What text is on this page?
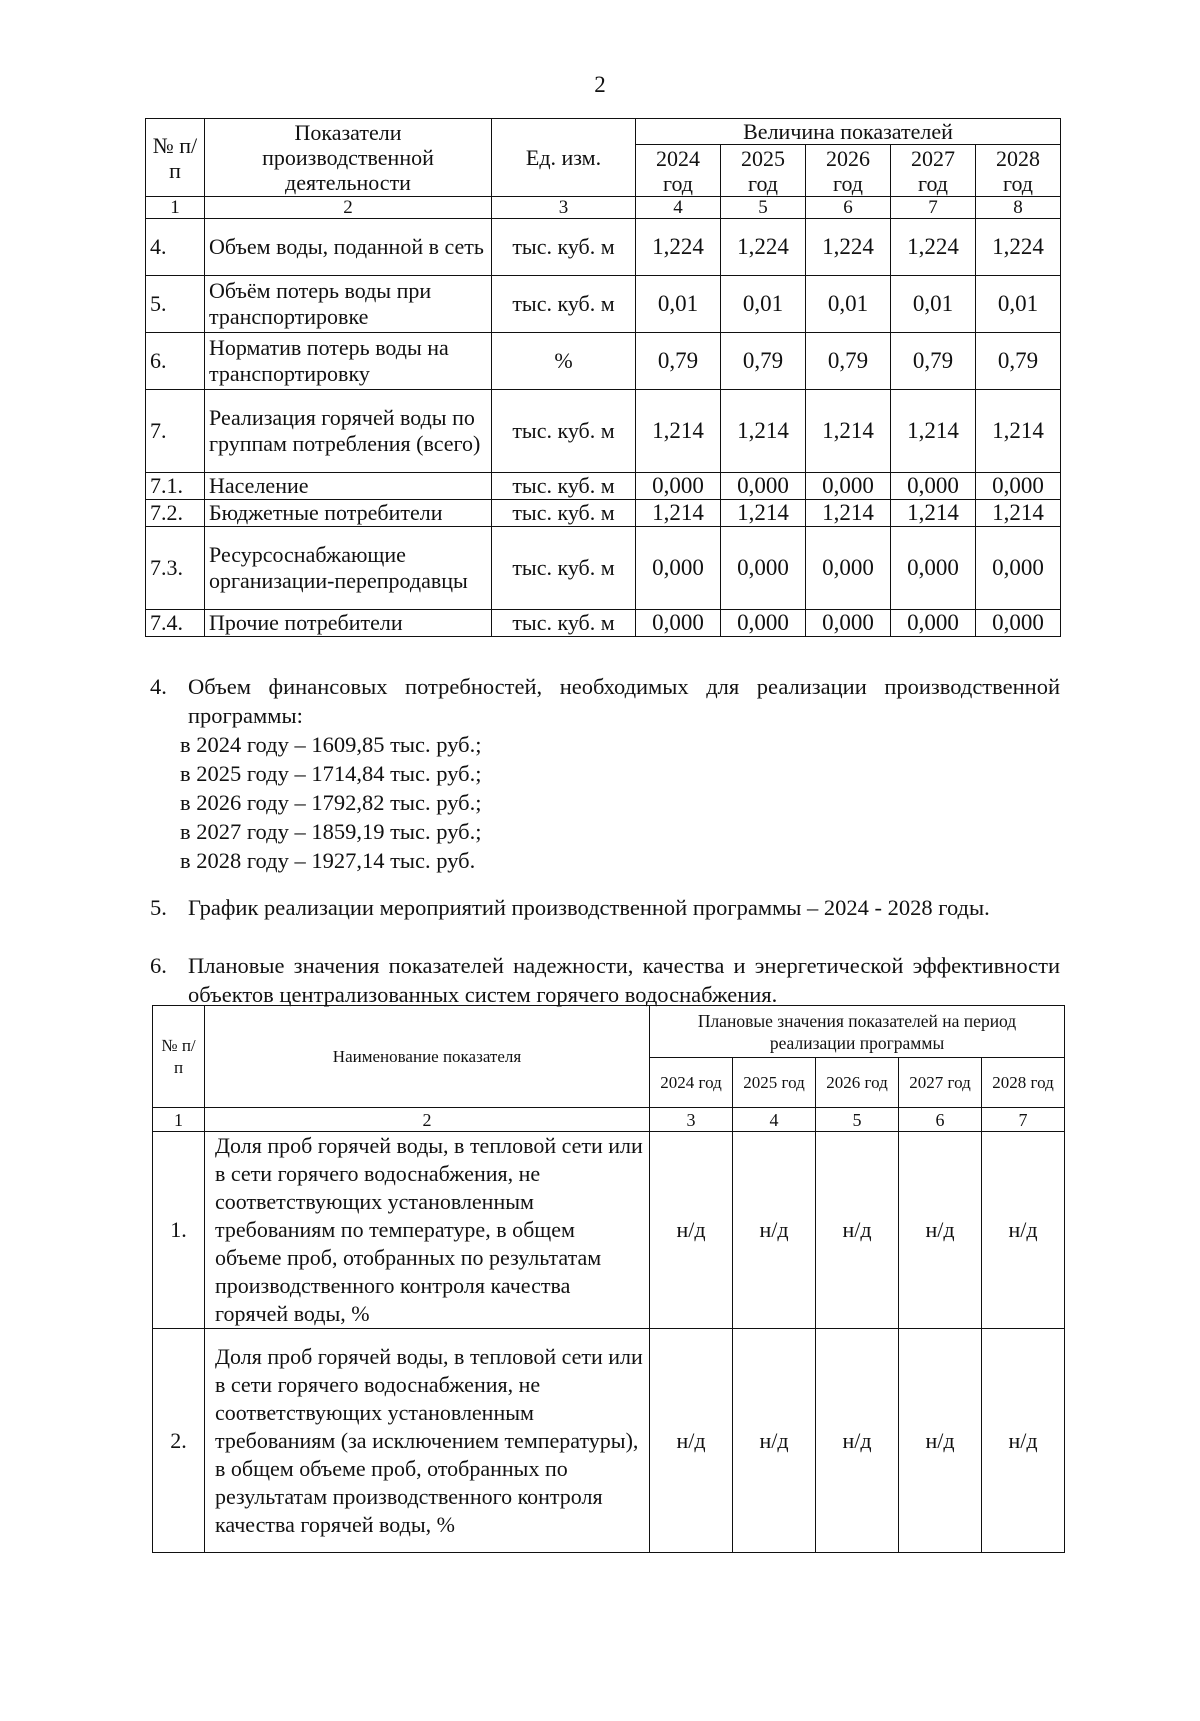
2
№ п/п	Показатели производственной деятельности	Ед. изм.	Величина показателей				
			2024 год	2025 год	2026 год	2027 год	2028 год
1	2	3	4	5	6	7	8
4.	Объем воды, поданной в сеть	тыс. куб. м	1,224	1,224	1,224	1,224	1,224
5.	Объём потерь воды при транспортировке	тыс. куб. м	0,01	0,01	0,01	0,01	0,01
6.	Норматив потерь воды на транспортировку	%	0,79	0,79	0,79	0,79	0,79
7.	Реализация горячей воды по группам потребления (всего)	тыс. куб. м	1,214	1,214	1,214	1,214	1,214
7.1.	Население	тыс. куб. м	0,000	0,000	0,000	0,000	0,000
7.2.	Бюджетные потребители	тыс. куб. м	1,214	1,214	1,214	1,214	1,214
7.3.	Ресурсоснабжающие организации-перепродавцы	тыс. куб. м	0,000	0,000	0,000	0,000	0,000
7.4.	Прочие потребители	тыс. куб. м	0,000	0,000	0,000	0,000	0,000
4. Объем финансовых потребностей, необходимых для реализации производственной программы:
в 2024 году – 1609,85 тыс. руб.;
в 2025 году – 1714,84 тыс. руб.;
в 2026 году – 1792,82 тыс. руб.;
в 2027 году – 1859,19 тыс. руб.;
в 2028 году – 1927,14 тыс. руб.
5. График реализации мероприятий производственной программы – 2024 - 2028 годы.
6. Плановые значения показателей надежности, качества и энергетической эффективности объектов централизованных систем горячего водоснабжения.
№ п/п	Наименование показателя	Плановые значения показателей на период реализации программы				
		2024 год	2025 год	2026 год	2027 год	2028 год
1	2	3	4	5	6	7
1.	Доля проб горячей воды, в тепловой сети или в сети горячего водоснабжения, не соответствующих установленным требованиям по температуре, в общем объеме проб, отобранных по результатам производственного контроля качества горячей воды, %	н/д	н/д	н/д	н/д	н/д
2.	Доля проб горячей воды, в тепловой сети или в сети горячего водоснабжения, не соответствующих установленным требованиям (за исключением температуры), в общем объеме проб, отобранных по результатам производственного контроля качества горячей воды, %	н/д	н/д	н/д	н/д	н/д
